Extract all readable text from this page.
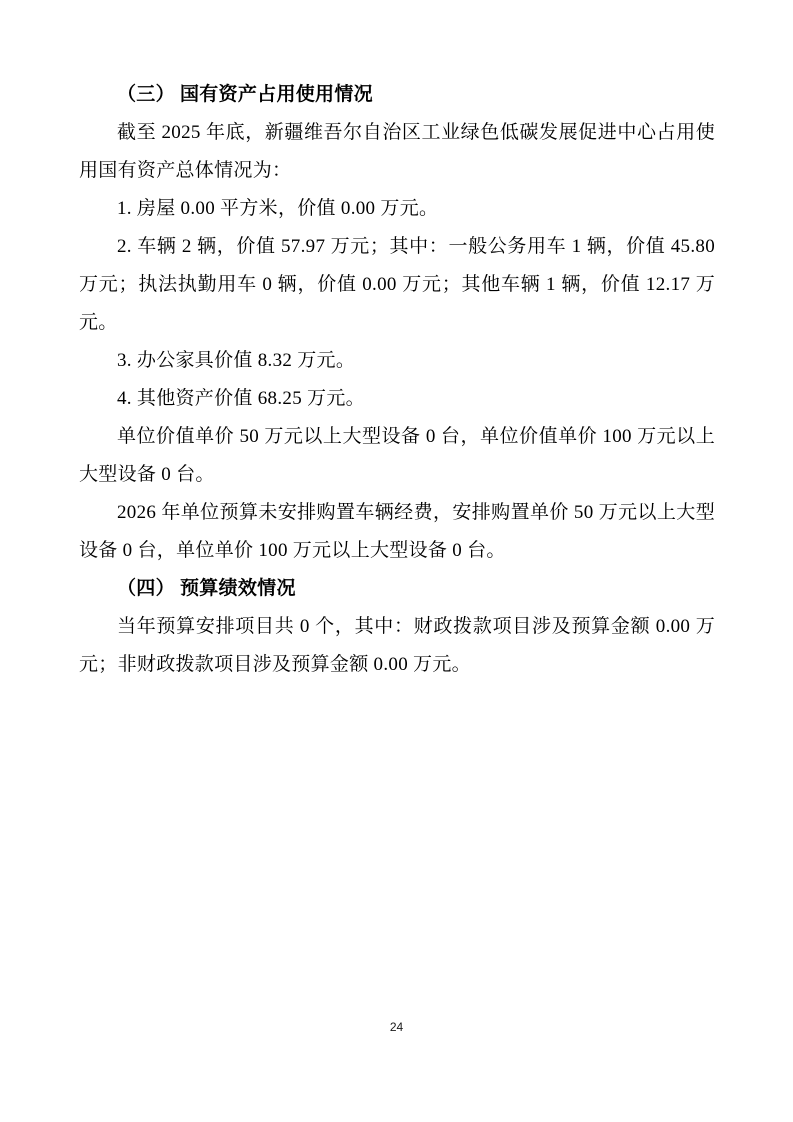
（三） 国有资产占用使用情况

截至 2025 年底，新疆维吾尔自治区工业绿色低碳发展促进中心占用使用国有资产总体情况为：

1. 房屋 0.00 平方米，价值 0.00 万元。

2. 车辆 2 辆，价值 57.97 万元；其中：一般公务用车 1 辆，价值 45.80 万元；执法执勤用车 0 辆，价值 0.00 万元；其他车辆 1 辆，价值 12.17 万元。

3. 办公家具价值 8.32 万元。

4. 其他资产价值 68.25 万元。

单位价值单价 50 万元以上大型设备 0 台，单位价值单价 100 万元以上大型设备 0 台。

2026 年单位预算未安排购置车辆经费，安排购置单价 50 万元以上大型设备 0 台，单位单价 100 万元以上大型设备 0 台。

（四） 预算绩效情况

当年预算安排项目共 0 个，其中：财政拨款项目涉及预算金额 0.00 万元；非财政拨款项目涉及预算金额 0.00 万元。

24
